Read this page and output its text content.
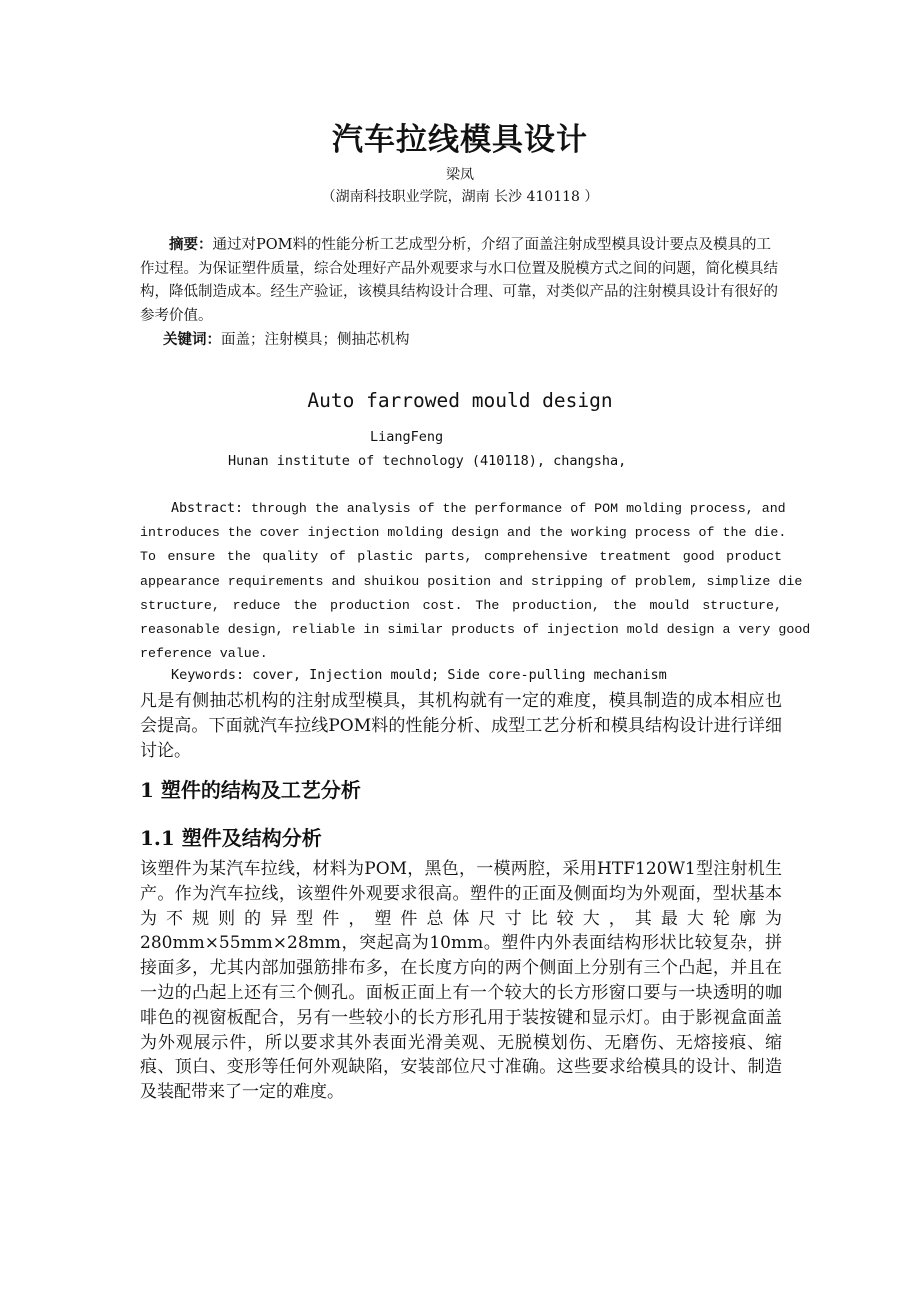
汽车拉线模具设计
梁凤
（湖南科技职业学院，湖南 长沙 410118 ）
摘要：通过对POM料的性能分析工艺成型分析，介绍了面盖注射成型模具设计要点及模具的工作过程。为保证塑件质量，综合处理好产品外观要求与水口位置及脱模方式之间的问题，简化模具结构，降低制造成本。经生产验证，该模具结构设计合理、可靠，对类似产品的注射模具设计有很好的参考价值。
关键词：面盖；注射模具；侧抽芯机构
Auto farrowed mould design
LiangFeng
Hunan institute of technology (410118), changsha,
Abstract: through the analysis of the performance of POM molding process, and
introduces the cover injection molding design and the working process of the die.
To ensure the quality of plastic parts, comprehensive treatment good product
appearance requirements and shuikou position and stripping of problem, simplize die
structure, reduce the production cost. The production, the mould structure,
reasonable design, reliable in similar products of injection mold design a very good
reference value.
Keywords: cover, Injection mould; Side core-pulling mechanism

凡是有侧抽芯机构的注射成型模具，其机构就有一定的难度，模具制造的成本相应也会提高。下面就汽车拉线POM料的性能分析、成型工艺分析和模具结构设计进行详细讨论。

1 塑件的结构及工艺分析
1.1 塑件及结构分析

该塑件为某汽车拉线，材料为POM，黑色，一模两腔，采用HTF120W1型注射机生产。作为汽车拉线，该塑件外观要求很高。塑件的正面及侧面均为外观面，型状基本为不规则的异型件，塑件总体尺寸比较大，其最大轮廓为280mm×55mm×28mm，突起高为10mm。塑件内外表面结构形状比较复杂，拼接面多，尤其内部加强筋排布多，在长度方向的两个侧面上分别有三个凸起，并且在一边的凸起上还有三个侧孔。面板正面上有一个较大的长方形窗口要与一块透明的咖啡色的视窗板配合，另有一些较小的长方形孔用于装按键和显示灯。由于影视盒面盖为外观展示件，所以要求其外表面光滑美观、无脱模划伤、无磨伤、无熔接痕、缩痕、顶白、变形等任何外观缺陷，安装部位尺寸准确。这些要求给模具的设计、制造及装配带来了一定的难度。
